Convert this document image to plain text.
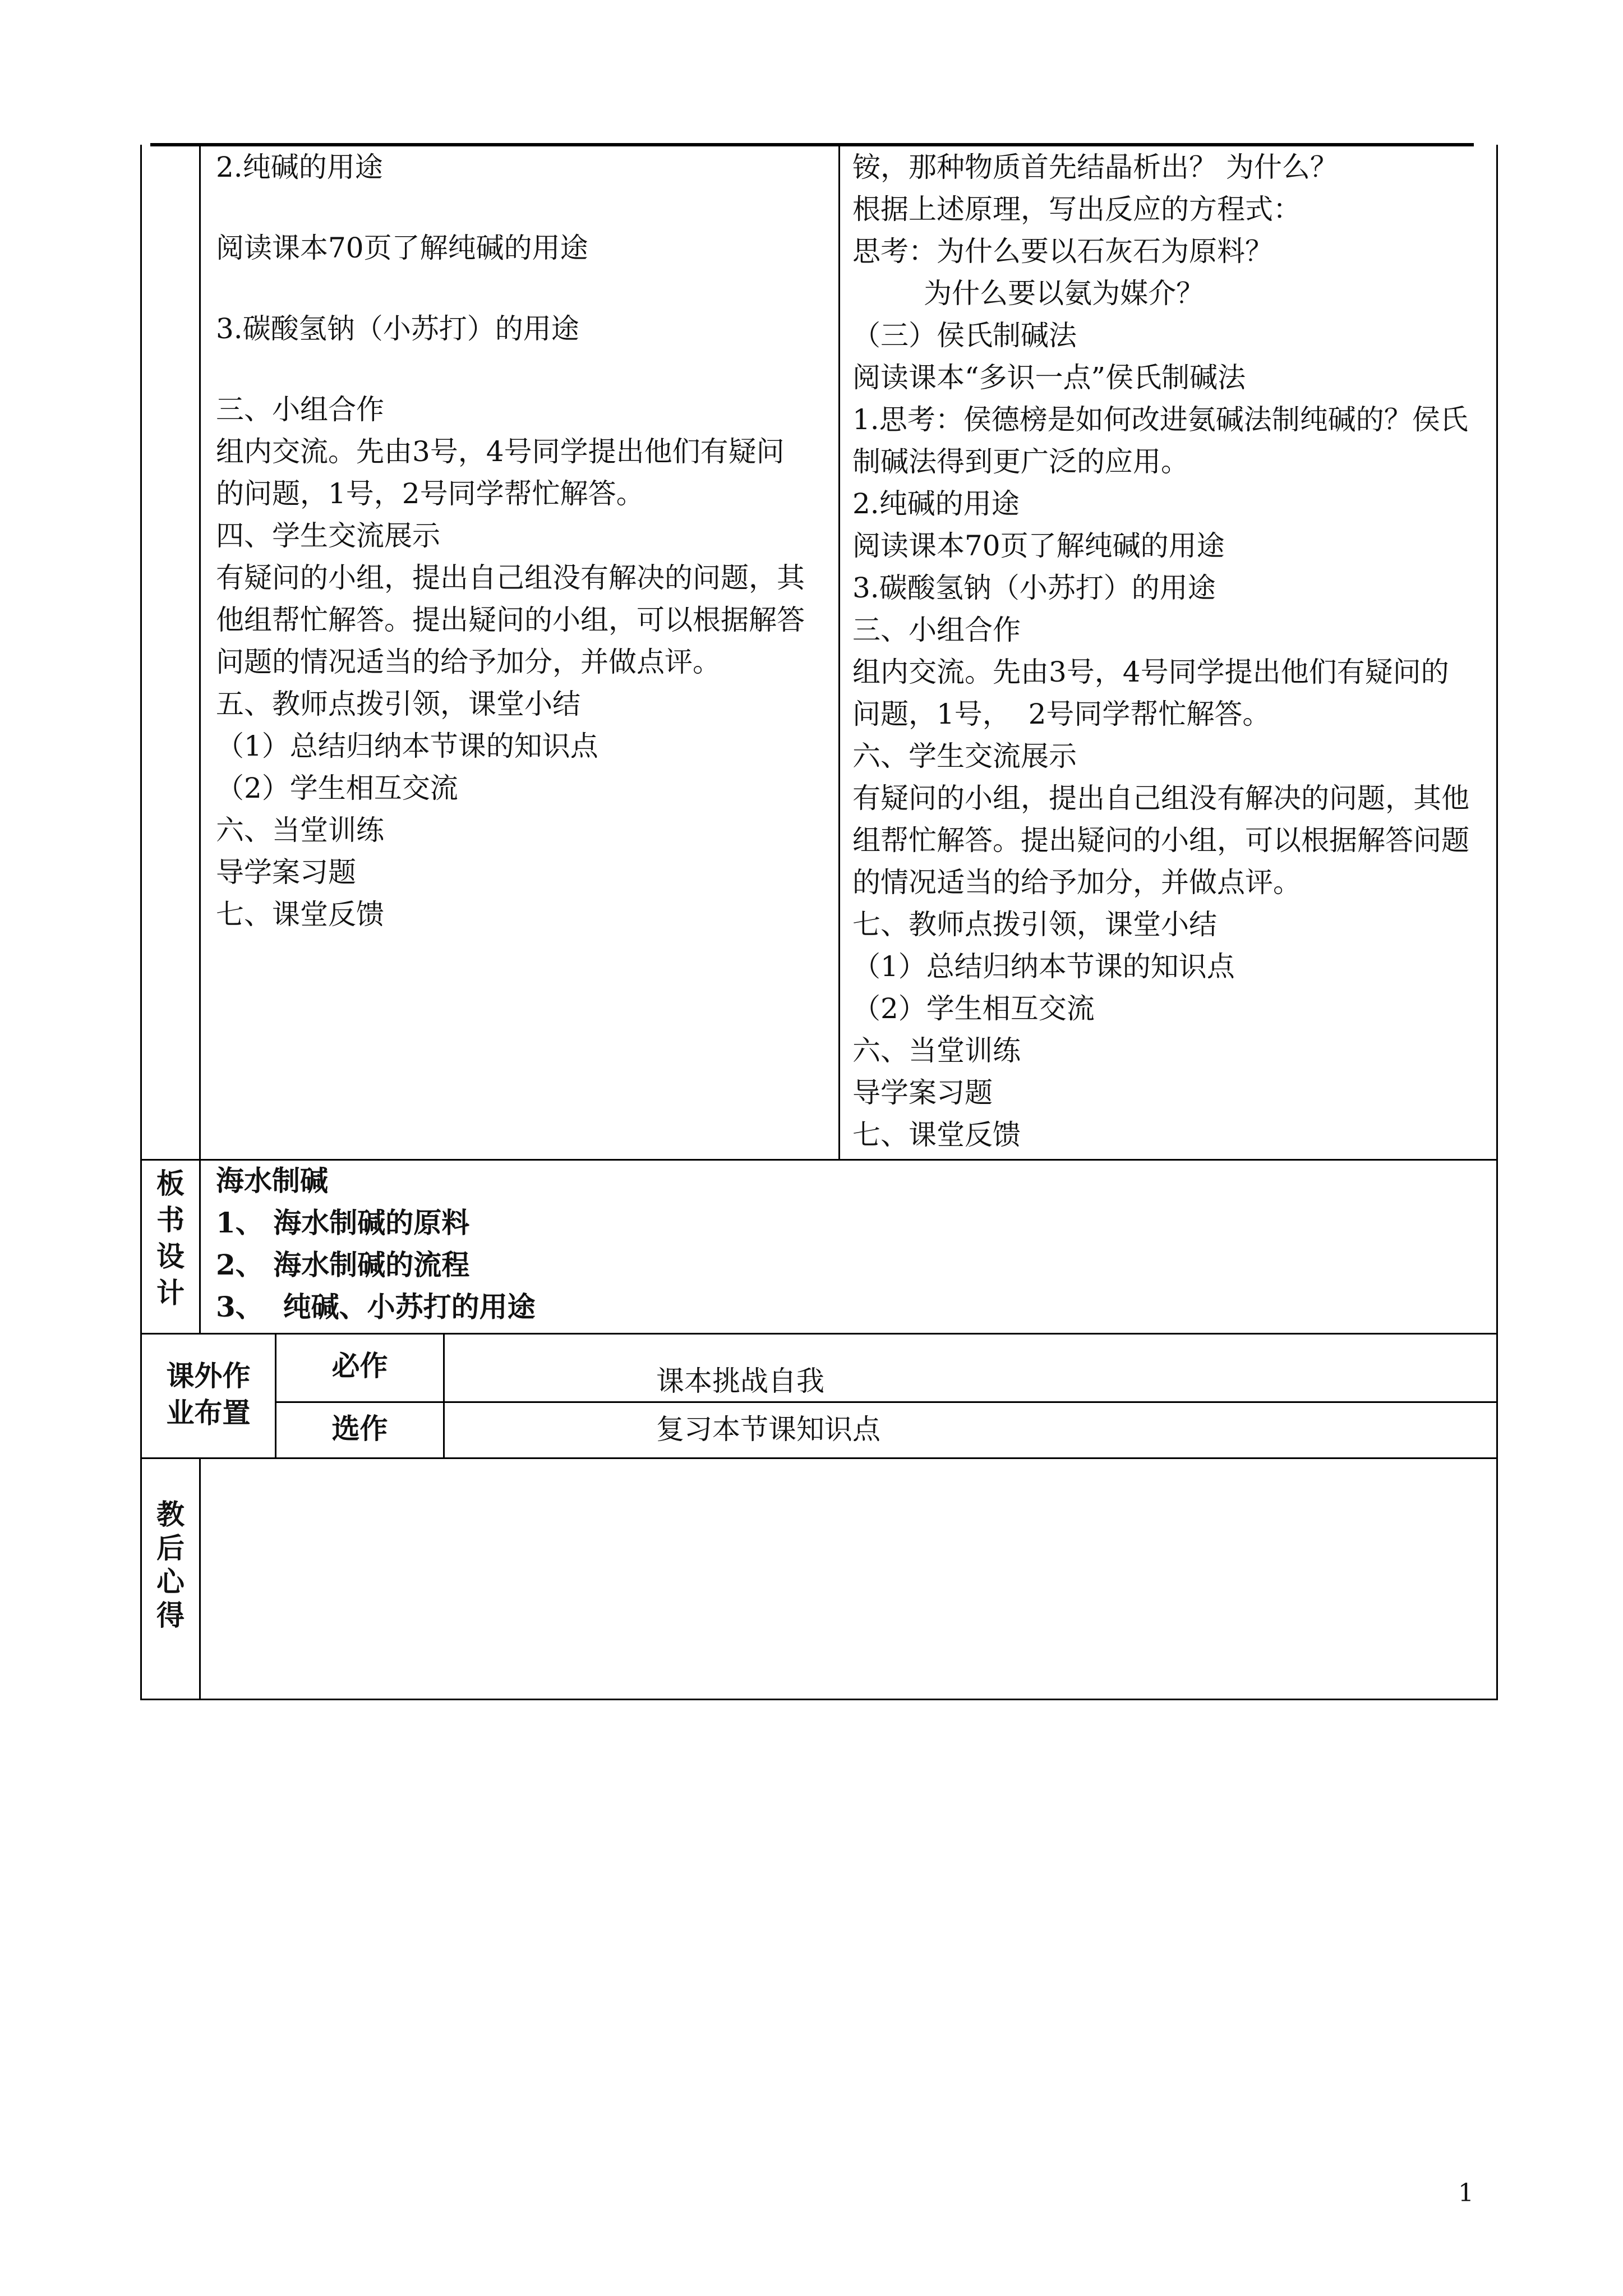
2.纯碱的用途
阅读课本70页了解纯碱的用途
3.碳酸氢钠（小苏打）的用途
三、小组合作
组内交流。先由3号，4号同学提出他们有疑问
的问题，1号，2号同学帮忙解答。
四、学生交流展示
有疑问的小组，提出自己组没有解决的问题，其
他组帮忙解答。提出疑问的小组，可以根据解答
问题的情况适当的给予加分，并做点评。
五、教师点拨引领，课堂小结
（1）总结归纳本节课的知识点
（2）学生相互交流
六、当堂训练
导学案习题
七、课堂反馈
铵，那种物质首先结晶析出？ 为什么？
根据上述原理，写出反应的方程式：
思考：为什么要以石灰石为原料？
为什么要以氨为媒介？
（三）侯氏制碱法
阅读课本“多识一点”侯氏制碱法
1.思考：侯德榜是如何改进氨碱法制纯碱的？侯氏
制碱法得到更广泛的应用。
2.纯碱的用途
阅读课本70页了解纯碱的用途
3.碳酸氢钠（小苏打）的用途
三、小组合作
组内交流。先由3号，4号同学提出他们有疑问的
问题，1号，  2号同学帮忙解答。
六、学生交流展示
有疑问的小组，提出自己组没有解决的问题，其他
组帮忙解答。提出疑问的小组，可以根据解答问题
的情况适当的给予加分，并做点评。
七、教师点拨引领，课堂小结
（1）总结归纳本节课的知识点
（2）学生相互交流
六、当堂训练
导学案习题
七、课堂反馈
板
书
设
计
海水制碱
1、 海水制碱的原料
2、 海水制碱的流程
3、  纯碱、小苏打的用途
课外作
业布置
必作	课本挑战自我
选作	复习本节课知识点
教
后
心
得
1
